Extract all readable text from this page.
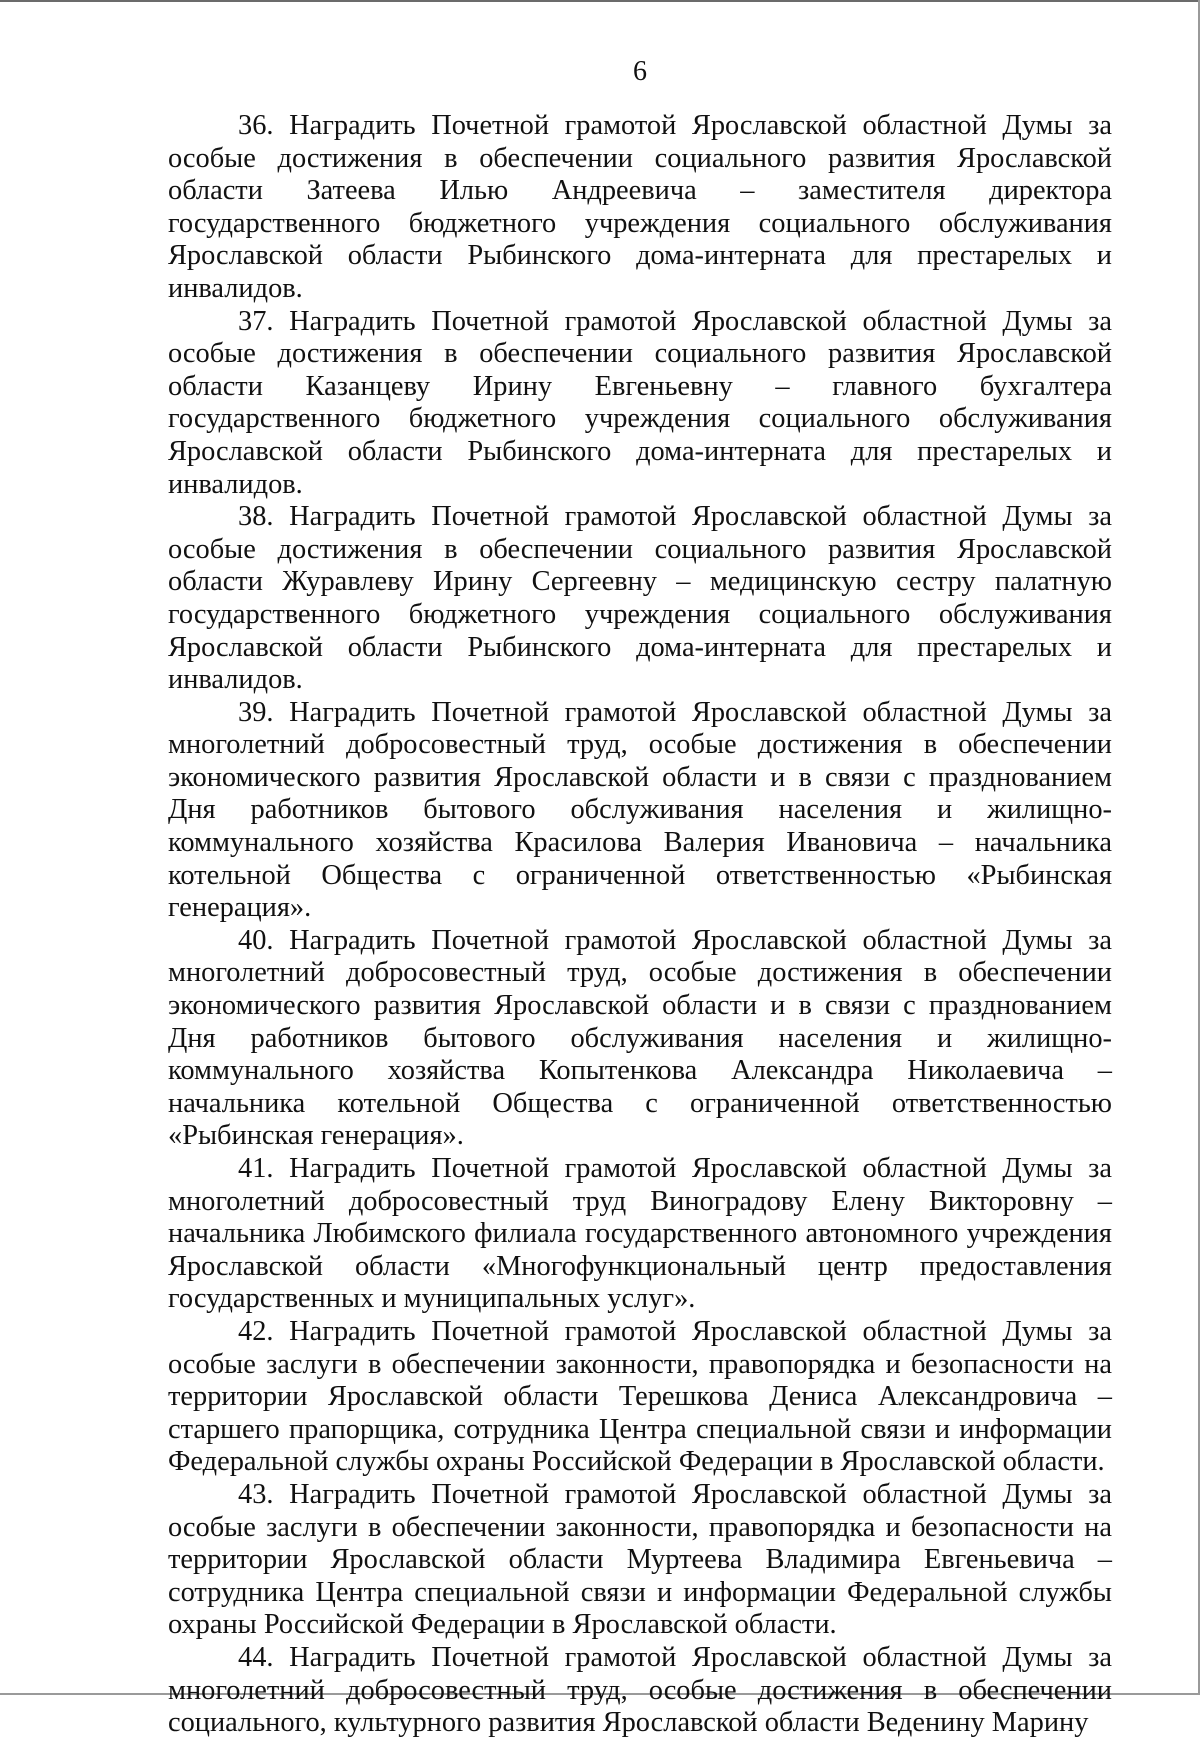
6

36. Наградить Почетной грамотой Ярославской областной Думы за особые достижения в обеспечении социального развития Ярославской области Затеева Илью Андреевича – заместителя директора государственного бюджетного учреждения социального обслуживания Ярославской области Рыбинского дома-интерната для престарелых и инвалидов.

37. Наградить Почетной грамотой Ярославской областной Думы за особые достижения в обеспечении социального развития Ярославской области Казанцеву Ирину Евгеньевну – главного бухгалтера государственного бюджетного учреждения социального обслуживания Ярославской области Рыбинского дома-интерната для престарелых и инвалидов.

38. Наградить Почетной грамотой Ярославской областной Думы за особые достижения в обеспечении социального развития Ярославской области Журавлеву Ирину Сергеевну – медицинскую сестру палатную государственного бюджетного учреждения социального обслуживания Ярославской области Рыбинского дома-интерната для престарелых и инвалидов.

39. Наградить Почетной грамотой Ярославской областной Думы за многолетний добросовестный труд, особые достижения в обеспечении экономического развития Ярославской области и в связи с празднованием Дня работников бытового обслуживания населения и жилищно-коммунального хозяйства Красилова Валерия Ивановича – начальника котельной Общества с ограниченной ответственностью «Рыбинская генерация».

40. Наградить Почетной грамотой Ярославской областной Думы за многолетний добросовестный труд, особые достижения в обеспечении экономического развития Ярославской области и в связи с празднованием Дня работников бытового обслуживания населения и жилищно-коммунального хозяйства Копытенкова Александра Николаевича – начальника котельной Общества с ограниченной ответственностью «Рыбинская генерация».

41. Наградить Почетной грамотой Ярославской областной Думы за многолетний добросовестный труд Виноградову Елену Викторовну – начальника Любимского филиала государственного автономного учреждения Ярославской области «Многофункциональный центр предоставления государственных и муниципальных услуг».

42. Наградить Почетной грамотой Ярославской областной Думы за особые заслуги в обеспечении законности, правопорядка и безопасности на территории Ярославской области Терешкова Дениса Александровича – старшего прапорщика, сотрудника Центра специальной связи и информации Федеральной службы охраны Российской Федерации в Ярославской области.

43. Наградить Почетной грамотой Ярославской областной Думы за особые заслуги в обеспечении законности, правопорядка и безопасности на территории Ярославской области Муртеева Владимира Евгеньевича – сотрудника Центра специальной связи и информации Федеральной службы охраны Российской Федерации в Ярославской области.

44. Наградить Почетной грамотой Ярославской областной Думы за многолетний добросовестный труд, особые достижения в обеспечении социального, культурного развития Ярославской области Веденину Марину
